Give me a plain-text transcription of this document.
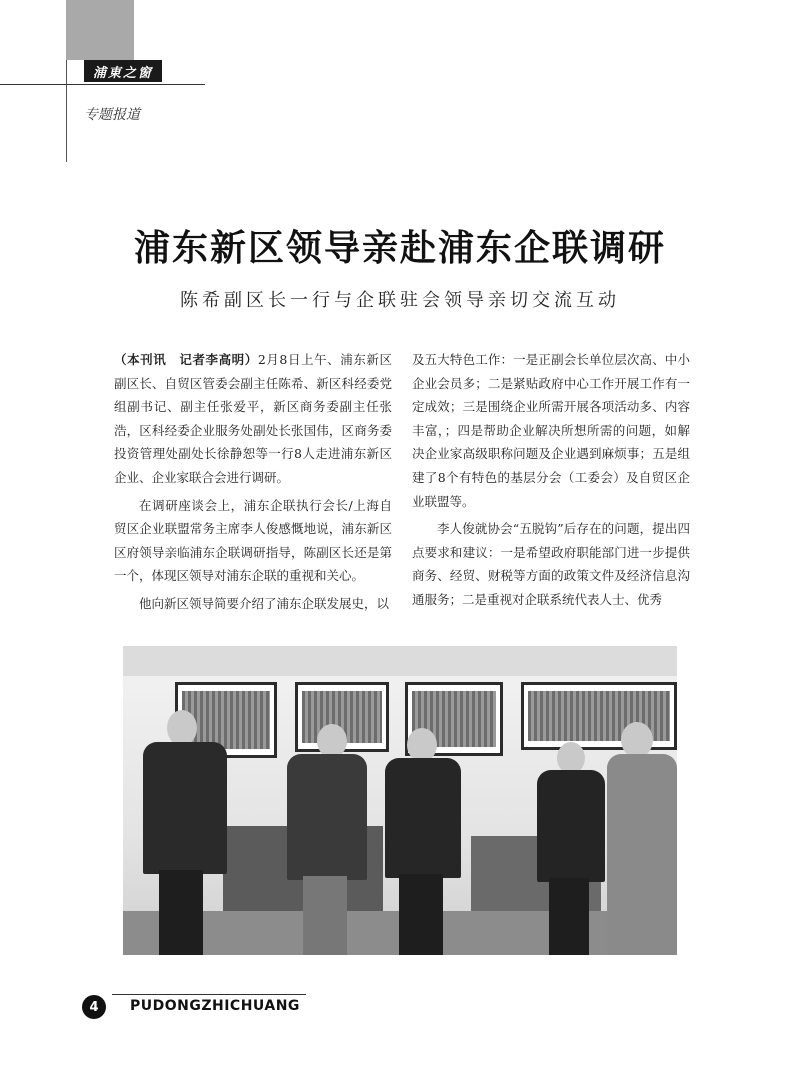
浦東之窗
专题报道
浦东新区领导亲赴浦东企联调研
陈希副区长一行与企联驻会领导亲切交流互动

（本刊讯　记者李高明）2月8日上午、浦东新区副区长、自贸区管委会副主任陈希、新区科经委党组副书记、副主任张爱平，新区商务委副主任张浩，区科经委企业服务处副处长张国伟，区商务委投资管理处副处长徐静恕等一行8人走进浦东新区企业、企业家联合会进行调研。

在调研座谈会上，浦东企联执行会长/上海自贸区企业联盟常务主席李人俊感慨地说，浦东新区区府领导亲临浦东企联调研指导，陈副区长还是第一个，体现区领导对浦东企联的重视和关心。

他向新区领导简要介绍了浦东企联发展史，以

及五大特色工作：一是正副会长单位层次高、中小企业会员多；二是紧贴政府中心工作开展工作有一定成效；三是围绕企业所需开展各项活动多、内容丰富，；四是帮助企业解决所想所需的问题，如解决企业家高级职称问题及企业遇到麻烦事；五是组建了8个有特色的基层分会（工委会）及自贸区企业联盟等。

李人俊就协会“五脱钩”后存在的问题，提出四点要求和建议：一是希望政府职能部门进一步提供商务、经贸、财税等方面的政策文件及经济信息沟通服务；二是重视对企联系统代表人士、优秀

4	PUDONGZHICHUANG
